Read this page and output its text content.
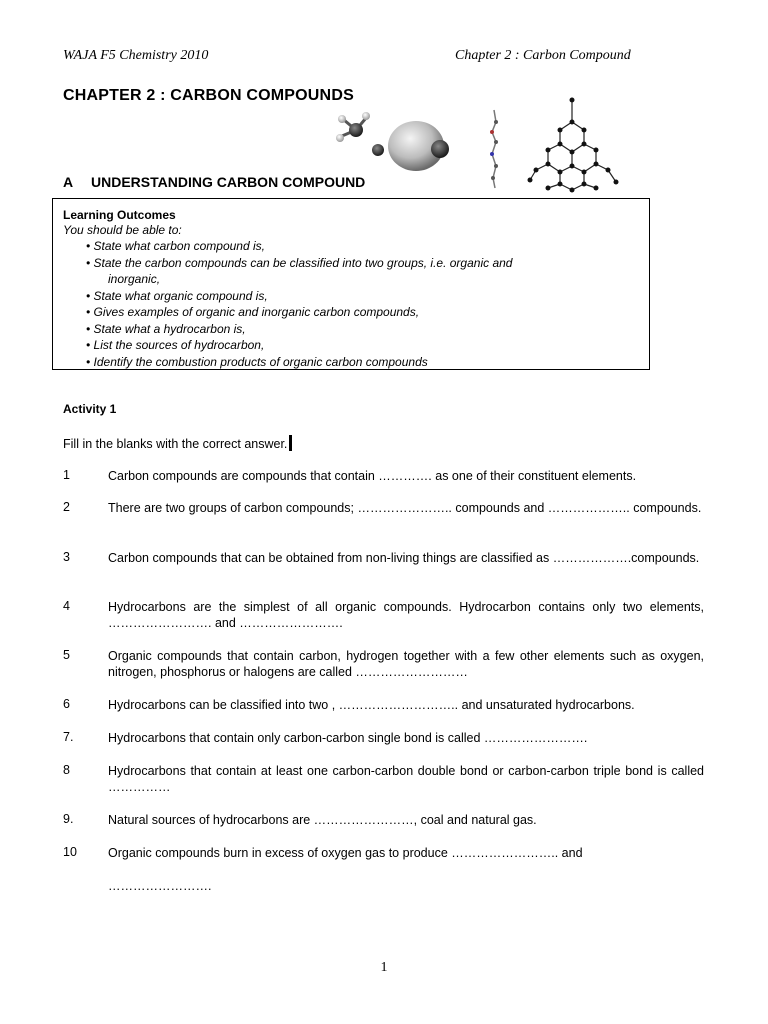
WAJA F5 Chemistry 2010	Chapter 2 : Carbon Compound
CHAPTER 2 : CARBON COMPOUNDS
A UNDERSTANDING CARBON COMPOUND
Learning Outcomes
You should be able to:
• State what carbon compound is,
• State the carbon compounds can be classified into two groups, i.e. organic and
inorganic,
• State what organic compound is,
• Gives examples of organic and inorganic carbon compounds,
• State what a hydrocarbon is,
• List the sources of hydrocarbon,
• Identify the combustion products of organic carbon compounds
Activity 1
Fill in the blanks with the correct answer.
1	Carbon compounds are compounds that contain …………. as one of their constituent elements.
2	There are two groups of carbon compounds; ………………….. compounds and ……………….. compounds.
3	Carbon compounds that can be obtained from non-living things are classified as ……………….compounds.
4	Hydrocarbons are the simplest of all organic compounds. Hydrocarbon contains only two elements, ……………………. and …………………….
5	Organic compounds that contain carbon, hydrogen together with a few other elements such as oxygen, nitrogen, phosphorus or halogens are called ………………………
6	Hydrocarbons can be classified into two , ……………………….. and unsaturated hydrocarbons.
7.	Hydrocarbons that contain only carbon-carbon single bond is called …………………….
8	Hydrocarbons that contain at least one carbon-carbon double bond or carbon-carbon triple bond is called ……………
9.	Natural sources of hydrocarbons are ……………………, coal and natural gas.
10 Organic compounds burn in excess of oxygen gas to produce …………………….. and
…………………….
1
